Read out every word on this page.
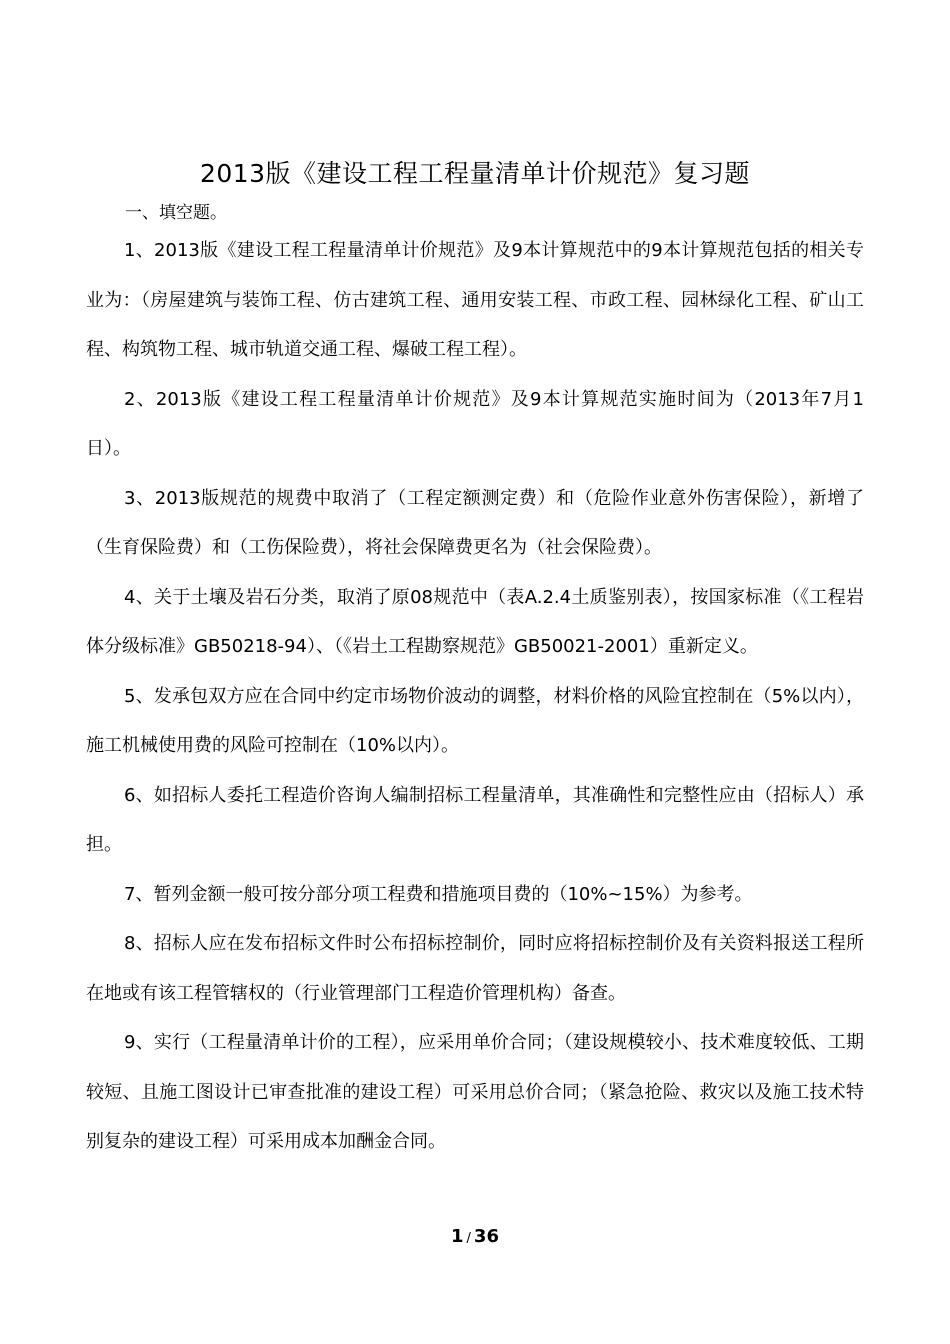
2013版《建设工程工程量清单计价规范》复习题
一、填空题。

1、2013版《建设工程工程量清单计价规范》及9本计算规范中的9本计算规范包括的相关专业为：（房屋建筑与装饰工程、仿古建筑工程、通用安装工程、市政工程、园林绿化工程、矿山工程、构筑物工程、城市轨道交通工程、爆破工程工程）。

2、2013版《建设工程工程量清单计价规范》及9本计算规范实施时间为（2013年7月1日）。

3、2013版规范的规费中取消了（工程定额测定费）和（危险作业意外伤害保险），新增了（生育保险费）和（工伤保险费），将社会保障费更名为（社会保险费）。

4、关于土壤及岩石分类，取消了原08规范中（表A.2.4土质鉴别表），按国家标准（《工程岩体分级标准》GB50218-94）、（《岩土工程勘察规范》GB50021-2001）重新定义。

5、发承包双方应在合同中约定市场物价波动的调整，材料价格的风险宜控制在（5%以内），施工机械使用费的风险可控制在（10%以内）。

6、如招标人委托工程造价咨询人编制招标工程量清单，其准确性和完整性应由（招标人）承担。

7、暂列金额一般可按分部分项工程费和措施项目费的（10%~15%）为参考。

8、招标人应在发布招标文件时公布招标控制价，同时应将招标控制价及有关资料报送工程所在地或有该工程管辖权的（行业管理部门工程造价管理机构）备查。

9、实行（工程量清单计价的工程），应采用单价合同；（建设规模较小、技术难度较低、工期较短、且施工图设计已审查批准的建设工程）可采用总价合同；（紧急抢险、救灾以及施工技术特别复杂的建设工程）可采用成本加酬金合同。

1 / 36
